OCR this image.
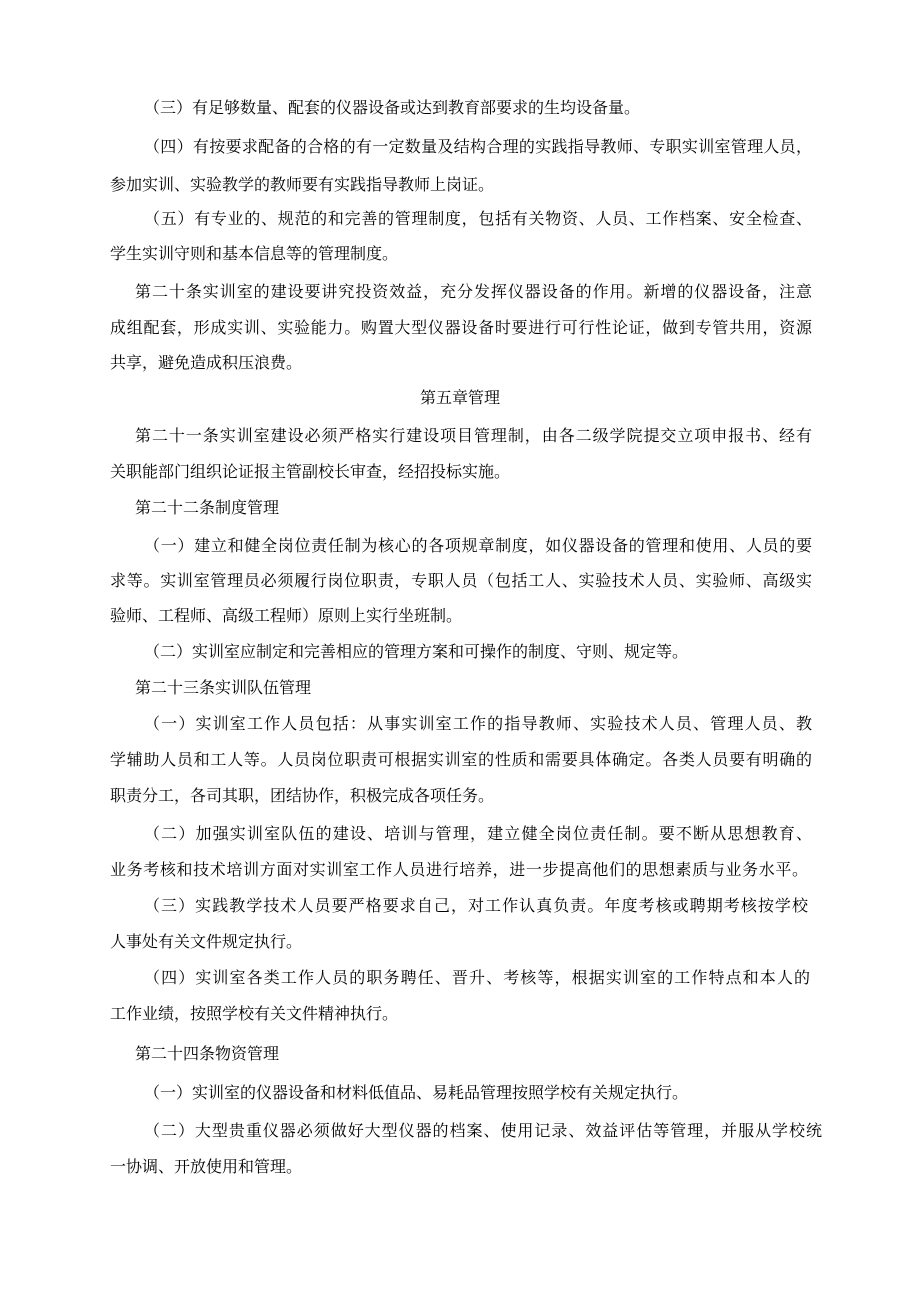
（三）有足够数量、配套的仪器设备或达到教育部要求的生均设备量。
（四）有按要求配备的合格的有一定数量及结构合理的实践指导教师、专职实训室管理人员，
参加实训、实验教学的教师要有实践指导教师上岗证。
（五）有专业的、规范的和完善的管理制度，包括有关物资、人员、工作档案、安全检查、
学生实训守则和基本信息等的管理制度。
第二十条实训室的建设要讲究投资效益，充分发挥仪器设备的作用。新增的仪器设备，注意
成组配套，形成实训、实验能力。购置大型仪器设备时要进行可行性论证，做到专管共用，资源
共享，避免造成积压浪费。
第五章管理
第二十一条实训室建设必须严格实行建设项目管理制，由各二级学院提交立项申报书、经有
关职能部门组织论证报主管副校长审查，经招投标实施。
第二十二条制度管理
（一）建立和健全岗位责任制为核心的各项规章制度，如仪器设备的管理和使用、人员的要
求等。实训室管理员必须履行岗位职责，专职人员（包括工人、实验技术人员、实验师、高级实
验师、工程师、高级工程师）原则上实行坐班制。
（二）实训室应制定和完善相应的管理方案和可操作的制度、守则、规定等。
第二十三条实训队伍管理
（一）实训室工作人员包括：从事实训室工作的指导教师、实验技术人员、管理人员、教
学辅助人员和工人等。人员岗位职责可根据实训室的性质和需要具体确定。各类人员要有明确的
职责分工，各司其职，团结协作，积极完成各项任务。
（二）加强实训室队伍的建设、培训与管理，建立健全岗位责任制。要不断从思想教育、
业务考核和技术培训方面对实训室工作人员进行培养，进一步提高他们的思想素质与业务水平。
（三）实践教学技术人员要严格要求自己，对工作认真负责。年度考核或聘期考核按学校
人事处有关文件规定执行。
（四）实训室各类工作人员的职务聘任、晋升、考核等，根据实训室的工作特点和本人的
工作业绩，按照学校有关文件精神执行。
第二十四条物资管理
（一）实训室的仪器设备和材料低值品、易耗品管理按照学校有关规定执行。
（二）大型贵重仪器必须做好大型仪器的档案、使用记录、效益评估等管理，并服从学校统
一协调、开放使用和管理。
